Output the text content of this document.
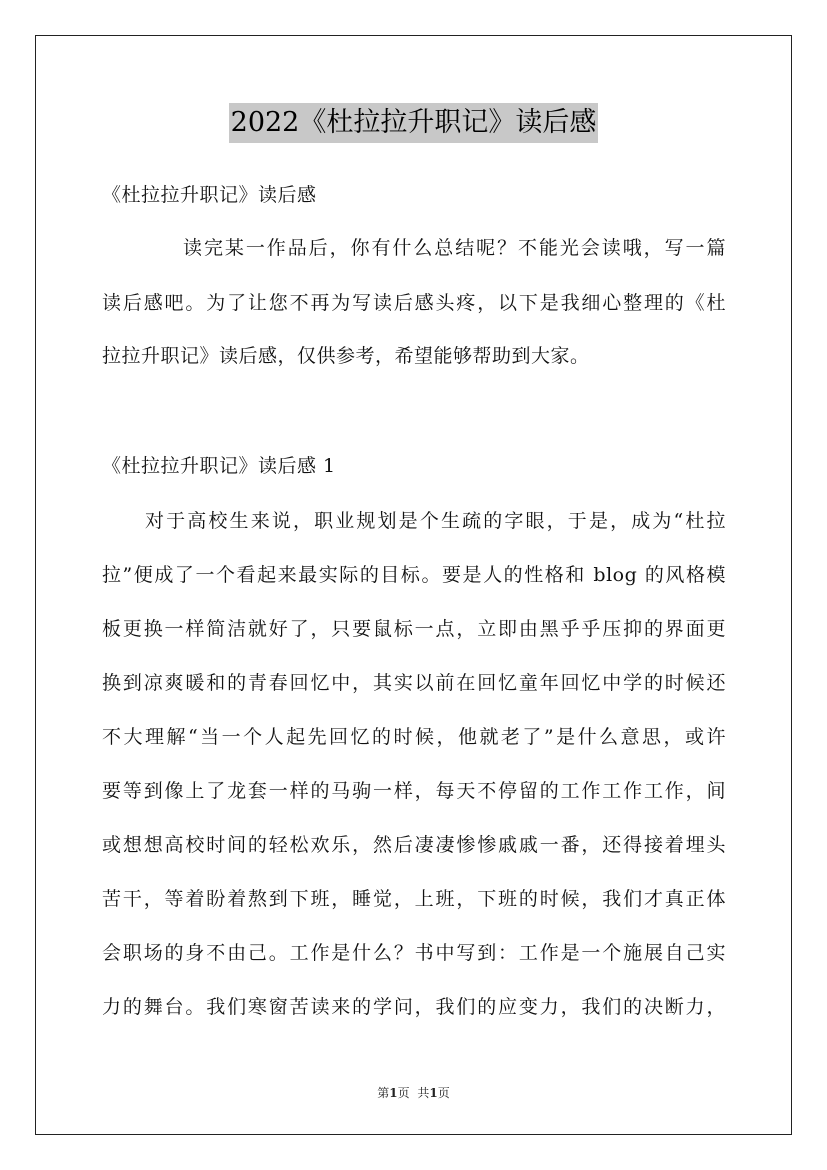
2022《杜拉拉升职记》读后感
《杜拉拉升职记》读后感
读完某一作品后，你有什么总结呢？不能光会读哦，写一篇
读后感吧。为了让您不再为写读后感头疼，以下是我细心整理的《杜
拉拉升职记》读后感，仅供参考，希望能够帮助到大家。
《杜拉拉升职记》读后感 1
对于高校生来说，职业规划是个生疏的字眼，于是，成为“杜拉
拉”便成了一个看起来最实际的目标。要是人的性格和 blog 的风格模
板更换一样简洁就好了，只要鼠标一点，立即由黑乎乎压抑的界面更
换到凉爽暖和的青春回忆中，其实以前在回忆童年回忆中学的时候还
不大理解“当一个人起先回忆的时候，他就老了”是什么意思，或许
要等到像上了龙套一样的马驹一样，每天不停留的工作工作工作，间
或想想高校时间的轻松欢乐，然后凄凄惨惨戚戚一番，还得接着埋头
苦干，等着盼着熬到下班，睡觉，上班，下班的时候，我们才真正体
会职场的身不由己。工作是什么？书中写到：工作是一个施展自己实
力的舞台。我们寒窗苦读来的学问，我们的应变力，我们的决断力，
第1页 共1页
